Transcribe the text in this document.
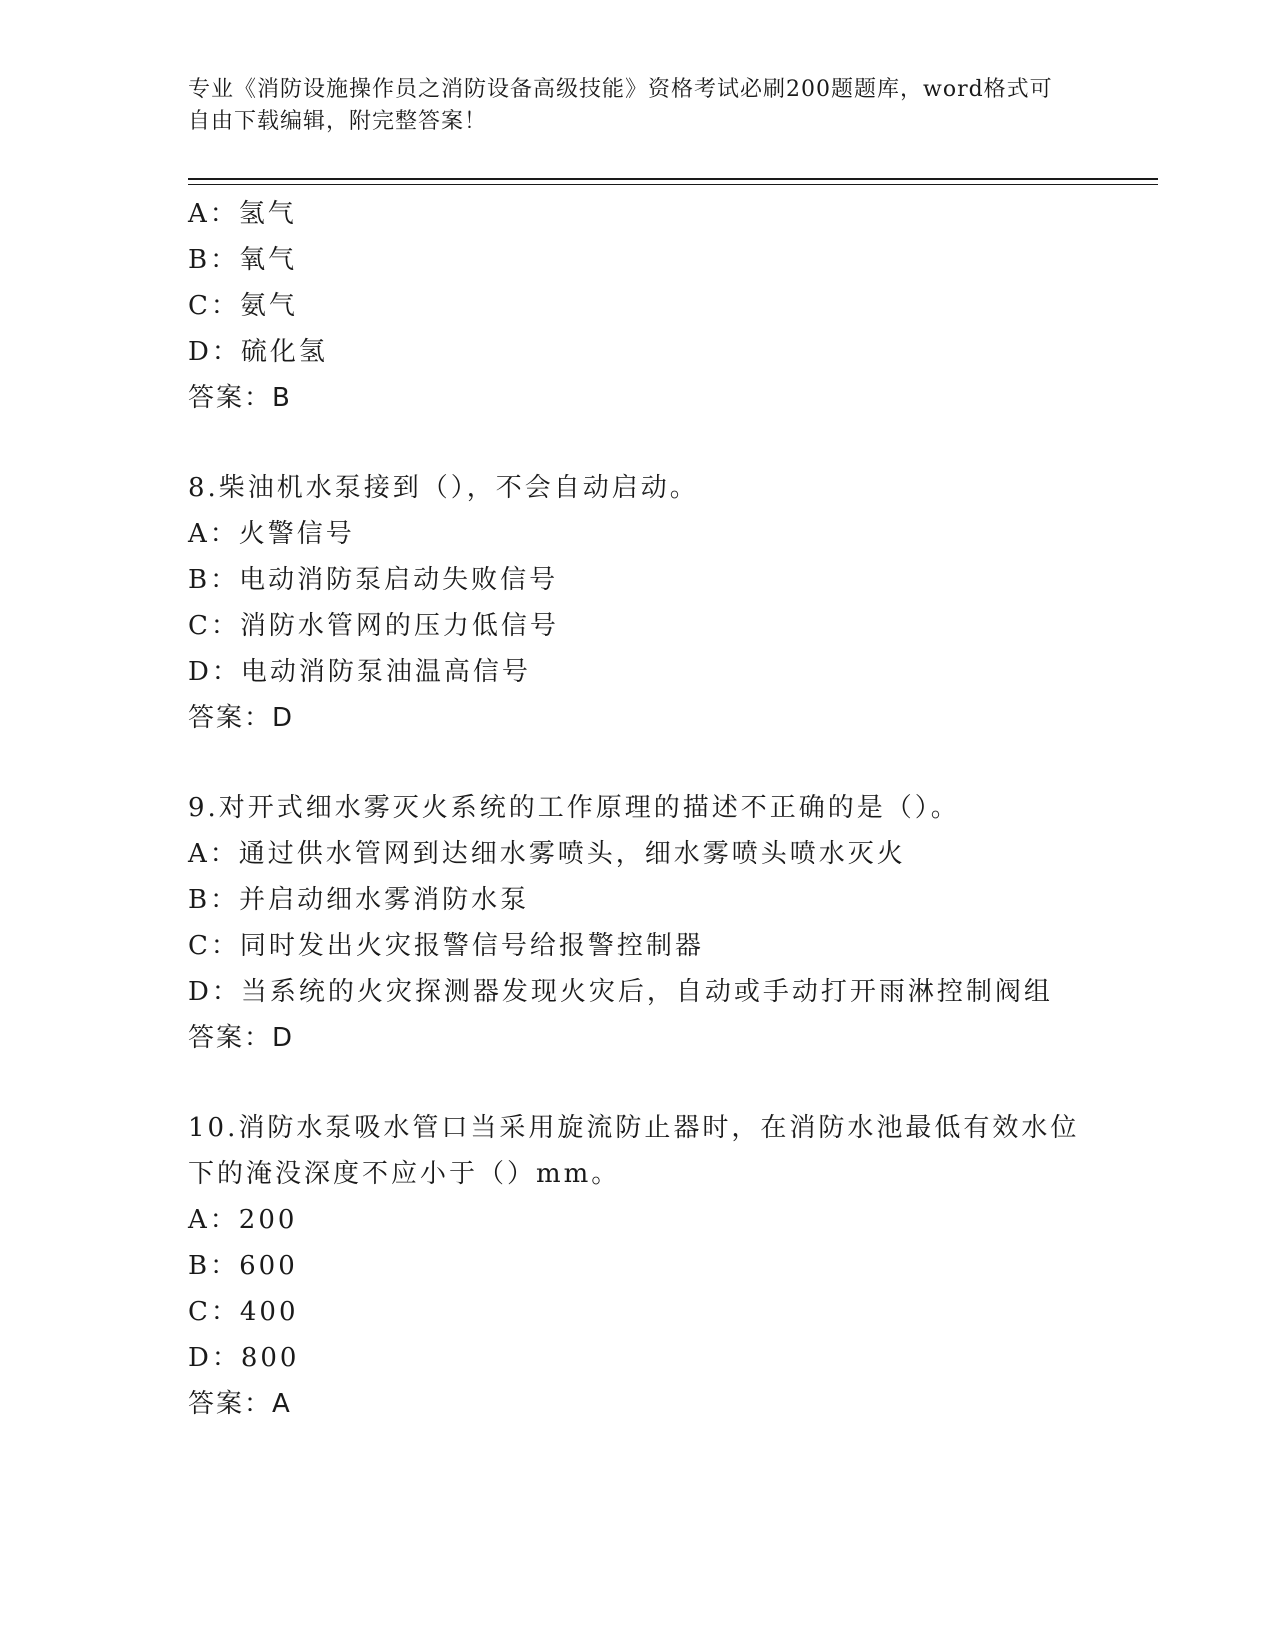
专业《消防设施操作员之消防设备高级技能》资格考试必刷200题题库，word格式可自由下载编辑，附完整答案！
A：氢气
B：氧气
C：氨气
D：硫化氢
答案：B
8.柴油机水泵接到（），不会自动启动。
A：火警信号
B：电动消防泵启动失败信号
C：消防水管网的压力低信号
D：电动消防泵油温高信号
答案：D
9.对开式细水雾灭火系统的工作原理的描述不正确的是（）。
A：通过供水管网到达细水雾喷头，细水雾喷头喷水灭火
B：并启动细水雾消防水泵
C：同时发出火灾报警信号给报警控制器
D：当系统的火灾探测器发现火灾后，自动或手动打开雨淋控制阀组
答案：D
10.消防水泵吸水管口当采用旋流防止器时，在消防水池最低有效水位
下的淹没深度不应小于（）mm。
A：200
B：600
C：400
D：800
答案：A
